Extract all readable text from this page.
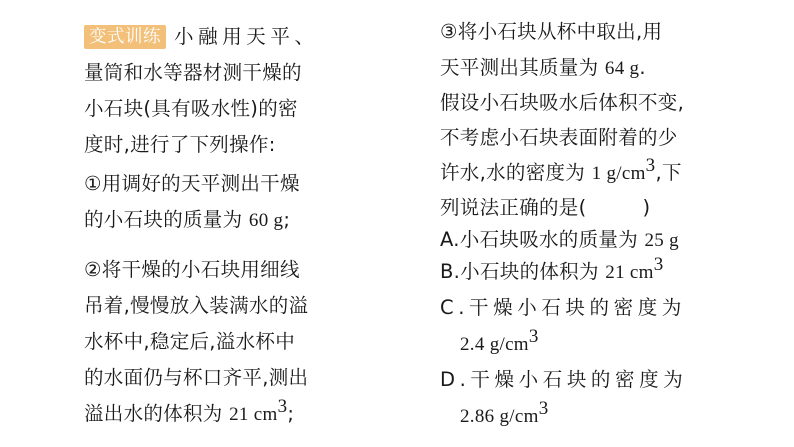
变式训练 小融用天平、
量筒和水等器材测干燥的
小石块(具有吸水性)的密
度时,进行了下列操作:
①用调好的天平测出干燥
的小石块的质量为 60 g;
②将干燥的小石块用细线
吊着,慢慢放入装满水的溢
水杯中,稳定后,溢水杯中
的水面仍与杯口齐平,测出
溢出水的体积为 21 $cm^3$;
③将小石块从杯中取出,用
天平测出其质量为 64 g.
假设小石块吸水后体积不变,
不考虑小石块表面附着的少
许水,水的密度为 1 $g/cm^3$,下
列说法正确的是(	)
A.小石块吸水的质量为 25 g
B.小石块的体积为 21 $cm^3$
C.干燥小石块的密度为
2.4 $g/cm^3$
D.干燥小石块的密度为
2.86 $g/cm^3$
